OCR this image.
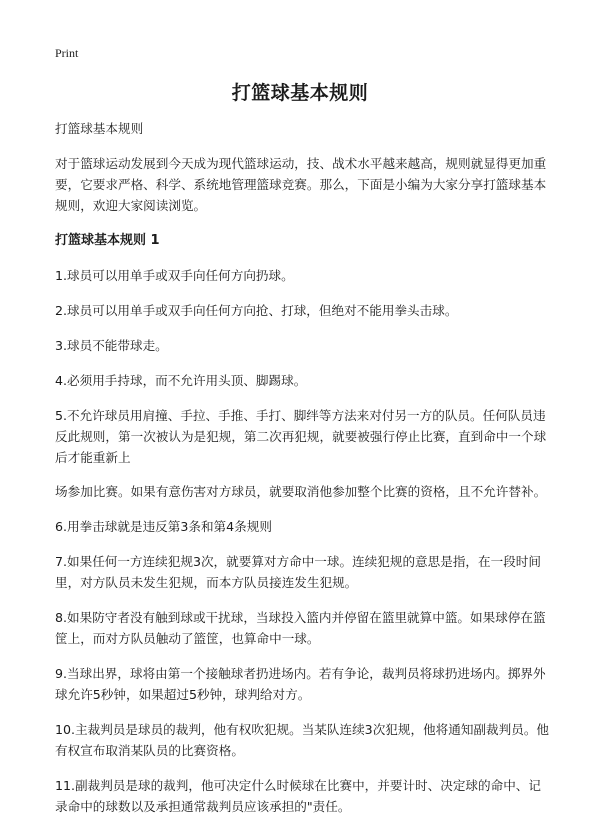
Print
打篮球基本规则

打篮球基本规则

对于篮球运动发展到今天成为现代篮球运动，技、战术水平越来越高，规则就显得更加重要，它要求严格、科学、系统地管理篮球竞赛。那么，下面是小编为大家分享打篮球基本规则，欢迎大家阅读浏览。

打篮球基本规则 1

1.球员可以用单手或双手向任何方向扔球。

2.球员可以用单手或双手向任何方向抢、打球，但绝对不能用拳头击球。

3.球员不能带球走。

4.必须用手持球，而不允许用头顶、脚踢球。

5.不允许球员用肩撞、手拉、手推、手打、脚绊等方法来对付另一方的队员。任何队员违反此规则，第一次被认为是犯规，第二次再犯规，就要被强行停止比赛，直到命中一个球后才能重新上

场参加比赛。如果有意伤害对方球员，就要取消他参加整个比赛的资格，且不允许替补。

6.用拳击球就是违反第3条和第4条规则

7.如果任何一方连续犯规3次，就要算对方命中一球。连续犯规的意思是指，在一段时间里，对方队员未发生犯规，而本方队员接连发生犯规。

8.如果防守者没有触到球或干扰球，当球投入篮内并停留在篮里就算中篮。如果球停在篮筐上，而对方队员触动了篮筐，也算命中一球。

9.当球出界，球将由第一个接触球者扔进场内。若有争论，裁判员将球扔进场内。掷界外球允许5秒钟，如果超过5秒钟，球判给对方。

10.主裁判员是球员的裁判，他有权吹犯规。当某队连续3次犯规，他将通知副裁判员。他有权宣布取消某队员的比赛资格。

11.副裁判员是球的裁判，他可决定什么时候球在比赛中，并要计时、决定球的命中、记录命中的球数以及承担通常裁判员应该承担的"责任。
